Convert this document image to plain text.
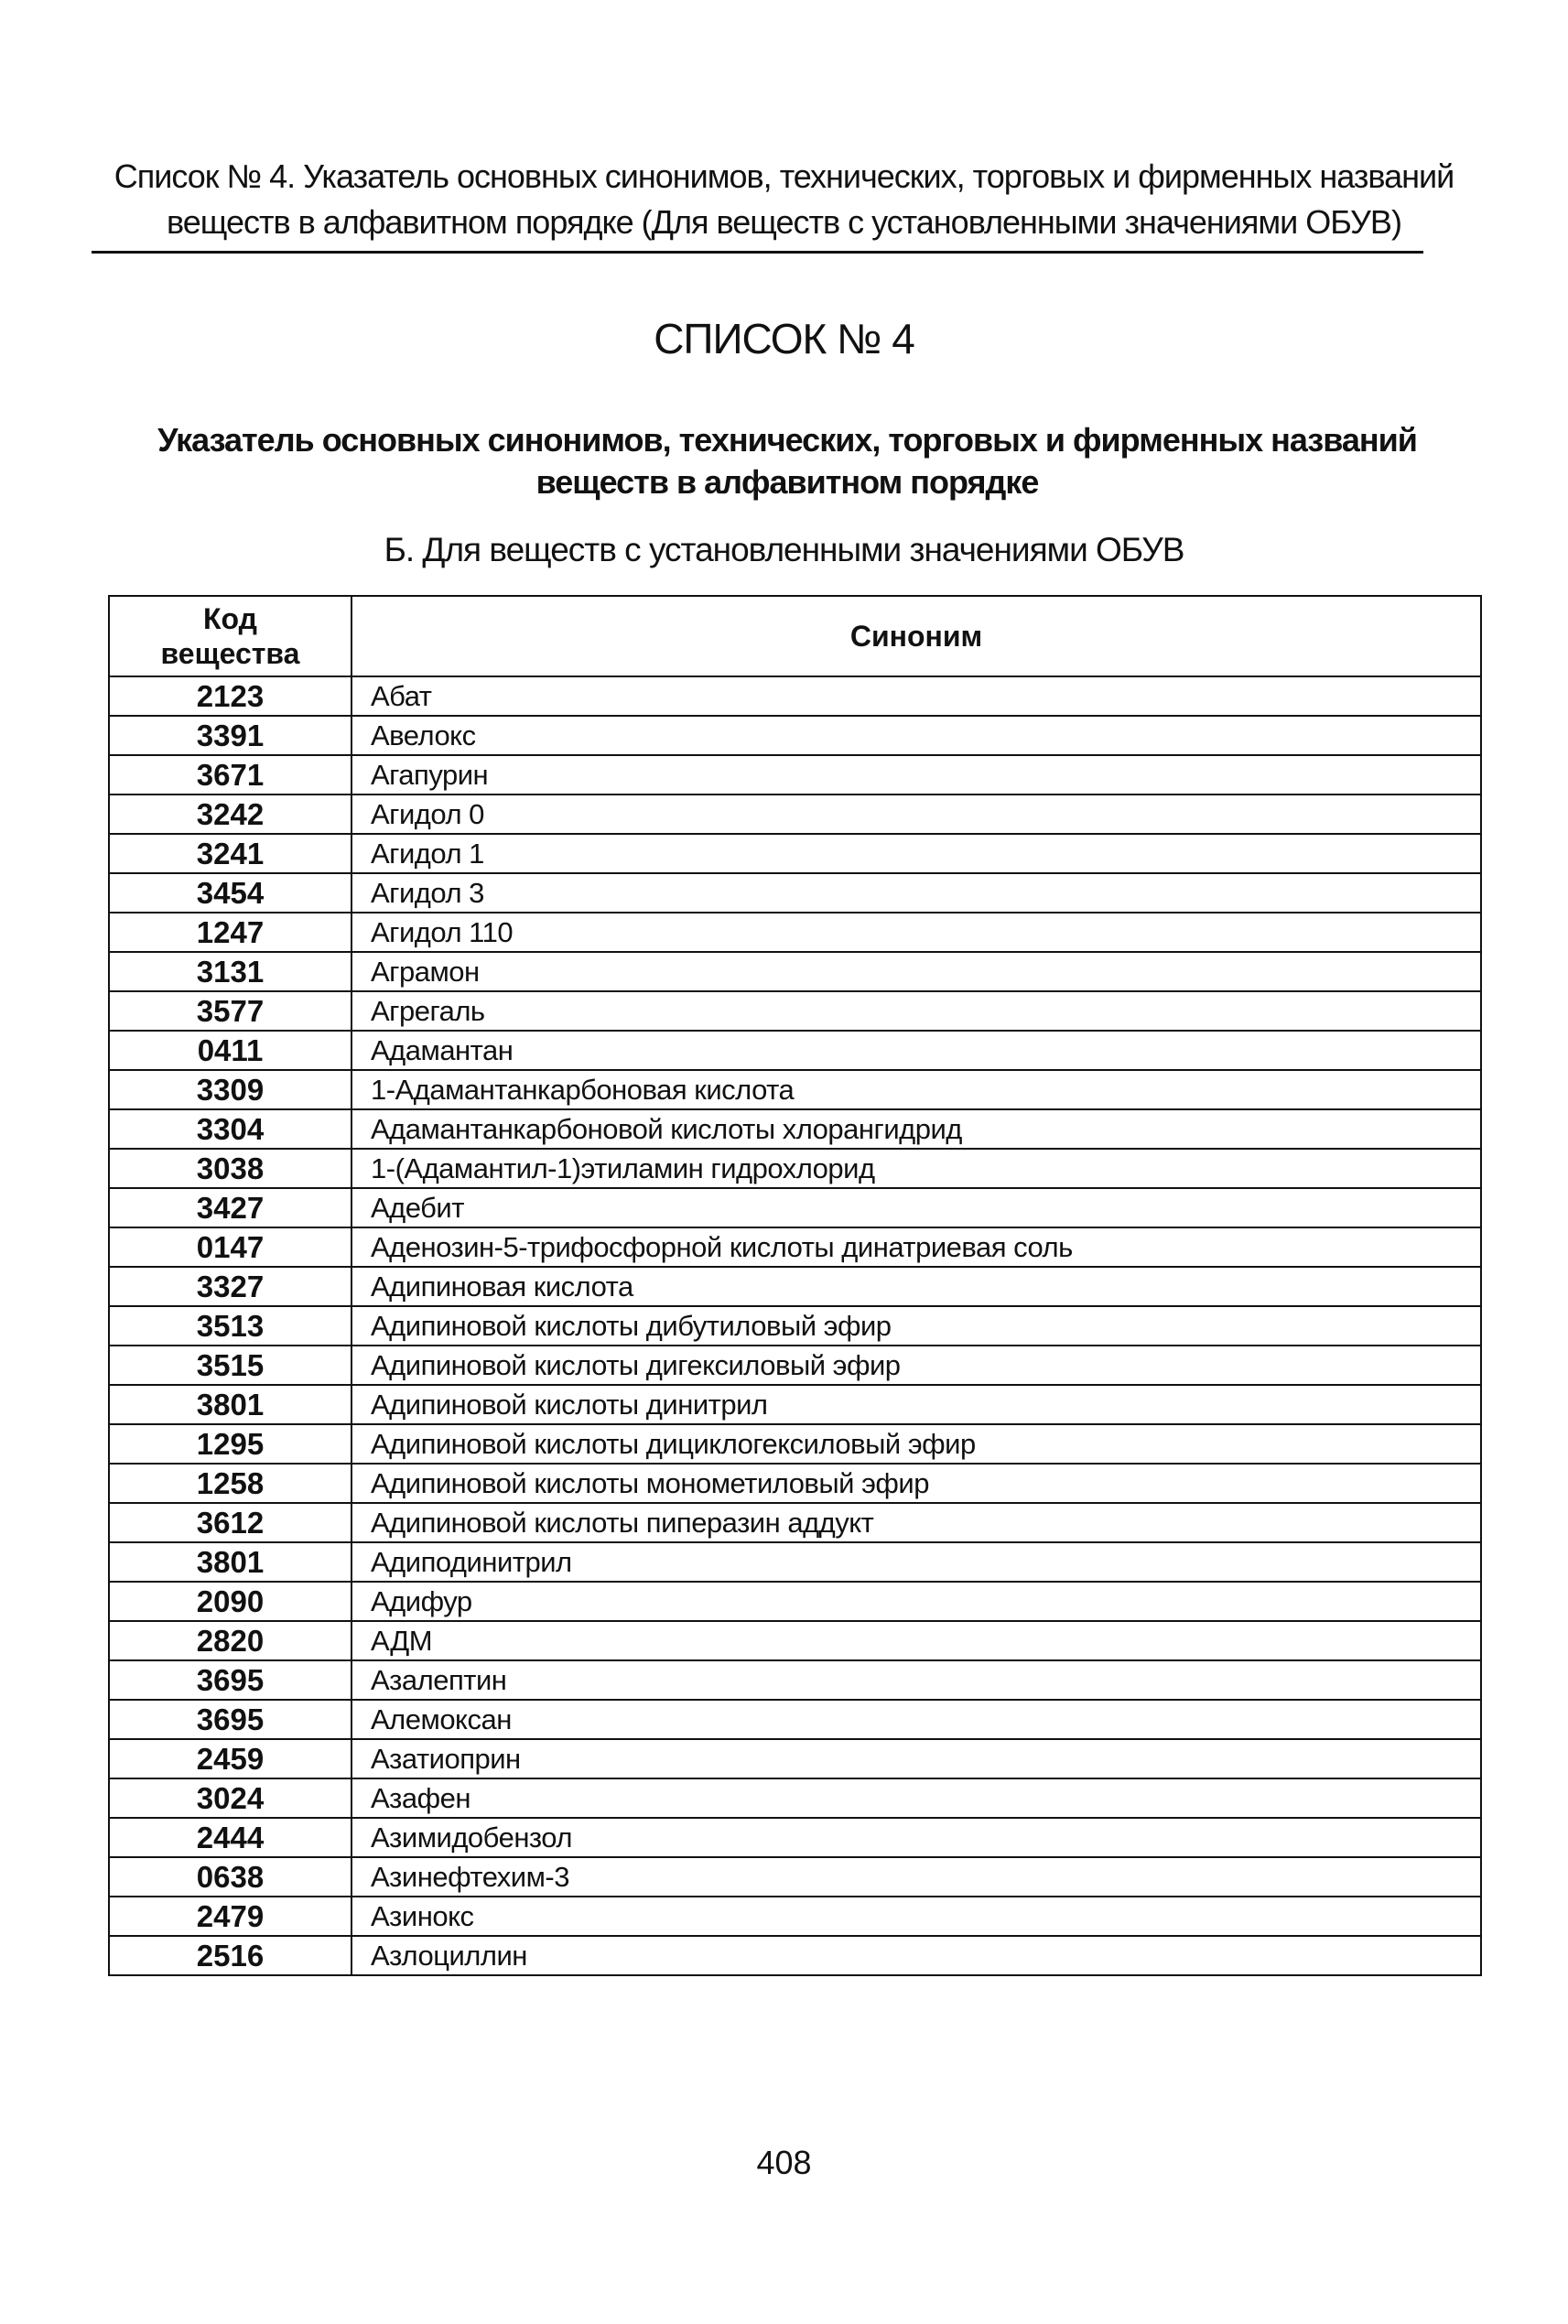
Список № 4. Указатель основных синонимов, технических, торговых и фирменных названий
веществ в алфавитном порядке (Для веществ с установленными значениями ОБУВ)
СПИСОК № 4
Указатель основных синонимов, технических, торговых и фирменных названий
веществ в алфавитном порядке
Б. Для веществ с установленными значениями ОБУВ
Код
вещества	Синоним
2123	Абат
3391	Авелокс
3671	Агапурин
3242	Агидол 0
3241	Агидол 1
3454	Агидол 3
1247	Агидол 110
3131	Аграмон
3577	Агрегаль
0411	Адамантан
3309	1-Адамантанкарбоновая кислота
3304	Адамантанкарбоновой кислоты хлорангидрид
3038	1-(Адамантил-1)этиламин гидрохлорид
3427	Адебит
0147	Аденозин-5-трифосфорной кислоты динатриевая соль
3327	Адипиновая кислота
3513	Адипиновой кислоты дибутиловый эфир
3515	Адипиновой кислоты дигексиловый эфир
3801	Адипиновой кислоты динитрил
1295	Адипиновой кислоты дициклогексиловый эфир
1258	Адипиновой кислоты монометиловый эфир
3612	Адипиновой кислоты пиперазин аддукт
3801	Адиподинитрил
2090	Адифур
2820	АДМ
3695	Азалептин
3695	Алемоксан
2459	Азатиоприн
3024	Азафен
2444	Азимидобензол
0638	Азинефтехим-3
2479	Азинокс
2516	Азлоциллин
408
